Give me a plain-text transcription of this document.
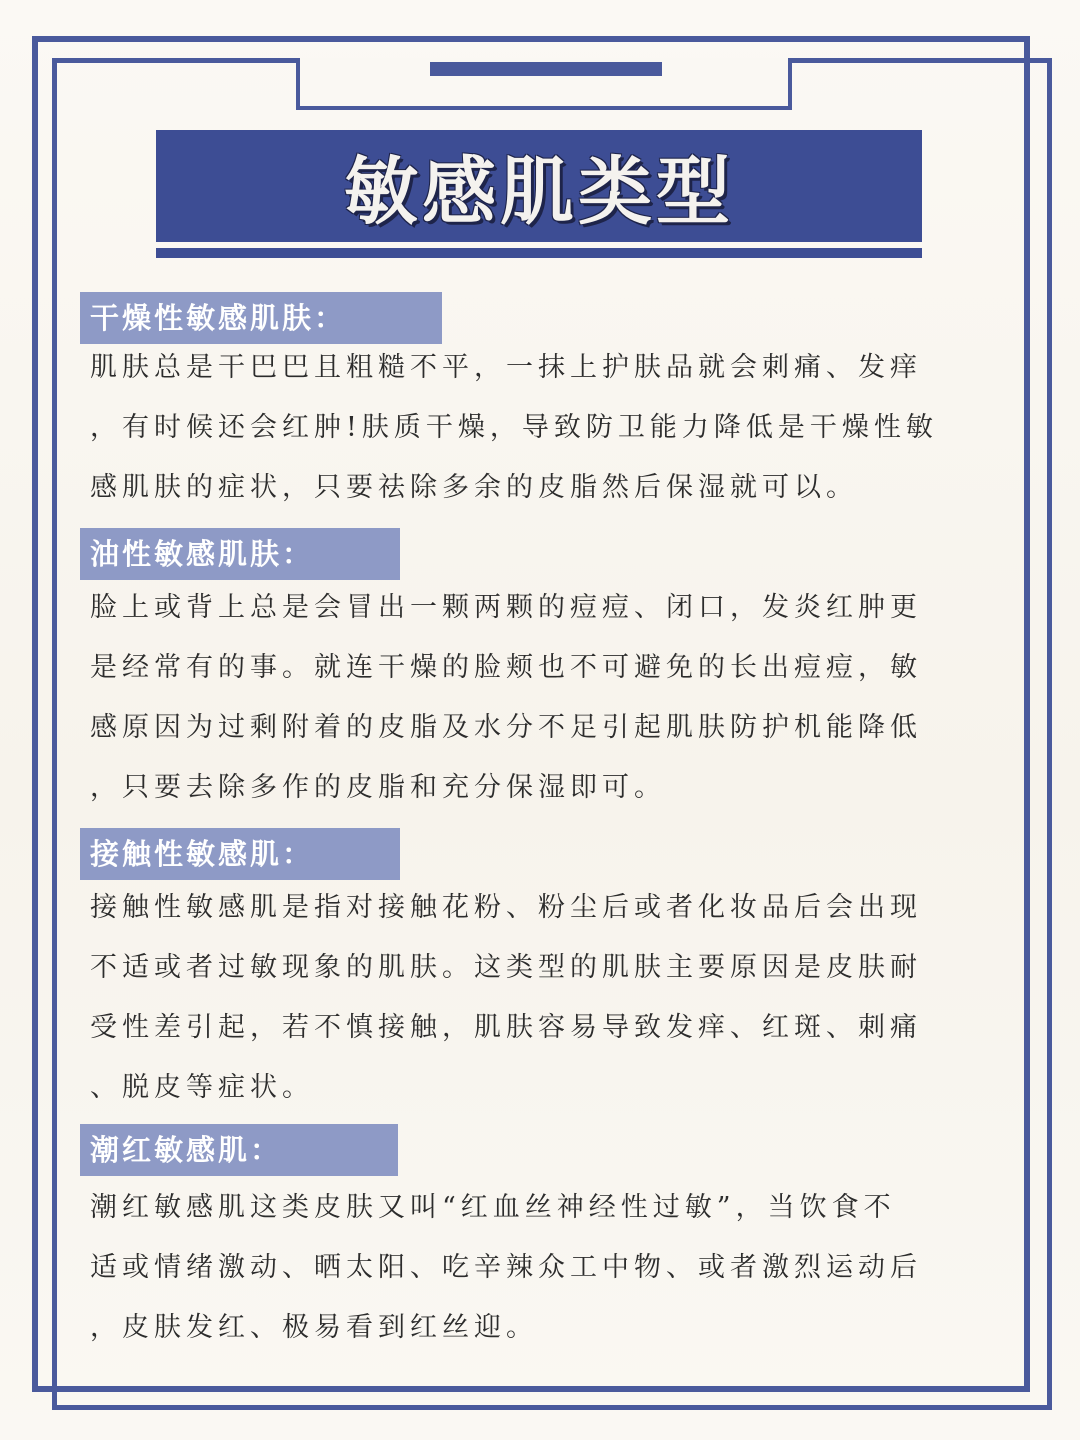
敏感肌类型
干燥性敏感肌肤：
肌肤总是干巴巴且粗糙不平，一抹上护肤品就会刺痛、发痒
，有时候还会红肿!肤质干燥，导致防卫能力降低是干燥性敏
感肌肤的症状，只要祛除多余的皮脂然后保湿就可以。
油性敏感肌肤：
脸上或背上总是会冒出一颗两颗的痘痘、闭口，发炎红肿更
是经常有的事。就连干燥的脸颊也不可避免的长出痘痘，敏
感原因为过剩附着的皮脂及水分不足引起肌肤防护机能降低
，只要去除多作的皮脂和充分保湿即可。
接触性敏感肌：
接触性敏感肌是指对接触花粉、粉尘后或者化妆品后会出现
不适或者过敏现象的肌肤。这类型的肌肤主要原因是皮肤耐
受性差引起，若不慎接触，肌肤容易导致发痒、红斑、刺痛
、脱皮等症状。
潮红敏感肌：
潮红敏感肌这类皮肤又叫“红血丝神经性过敏”，当饮食不
适或情绪激动、晒太阳、吃辛辣众工中物、或者激烈运动后
，皮肤发红、极易看到红丝迎。
